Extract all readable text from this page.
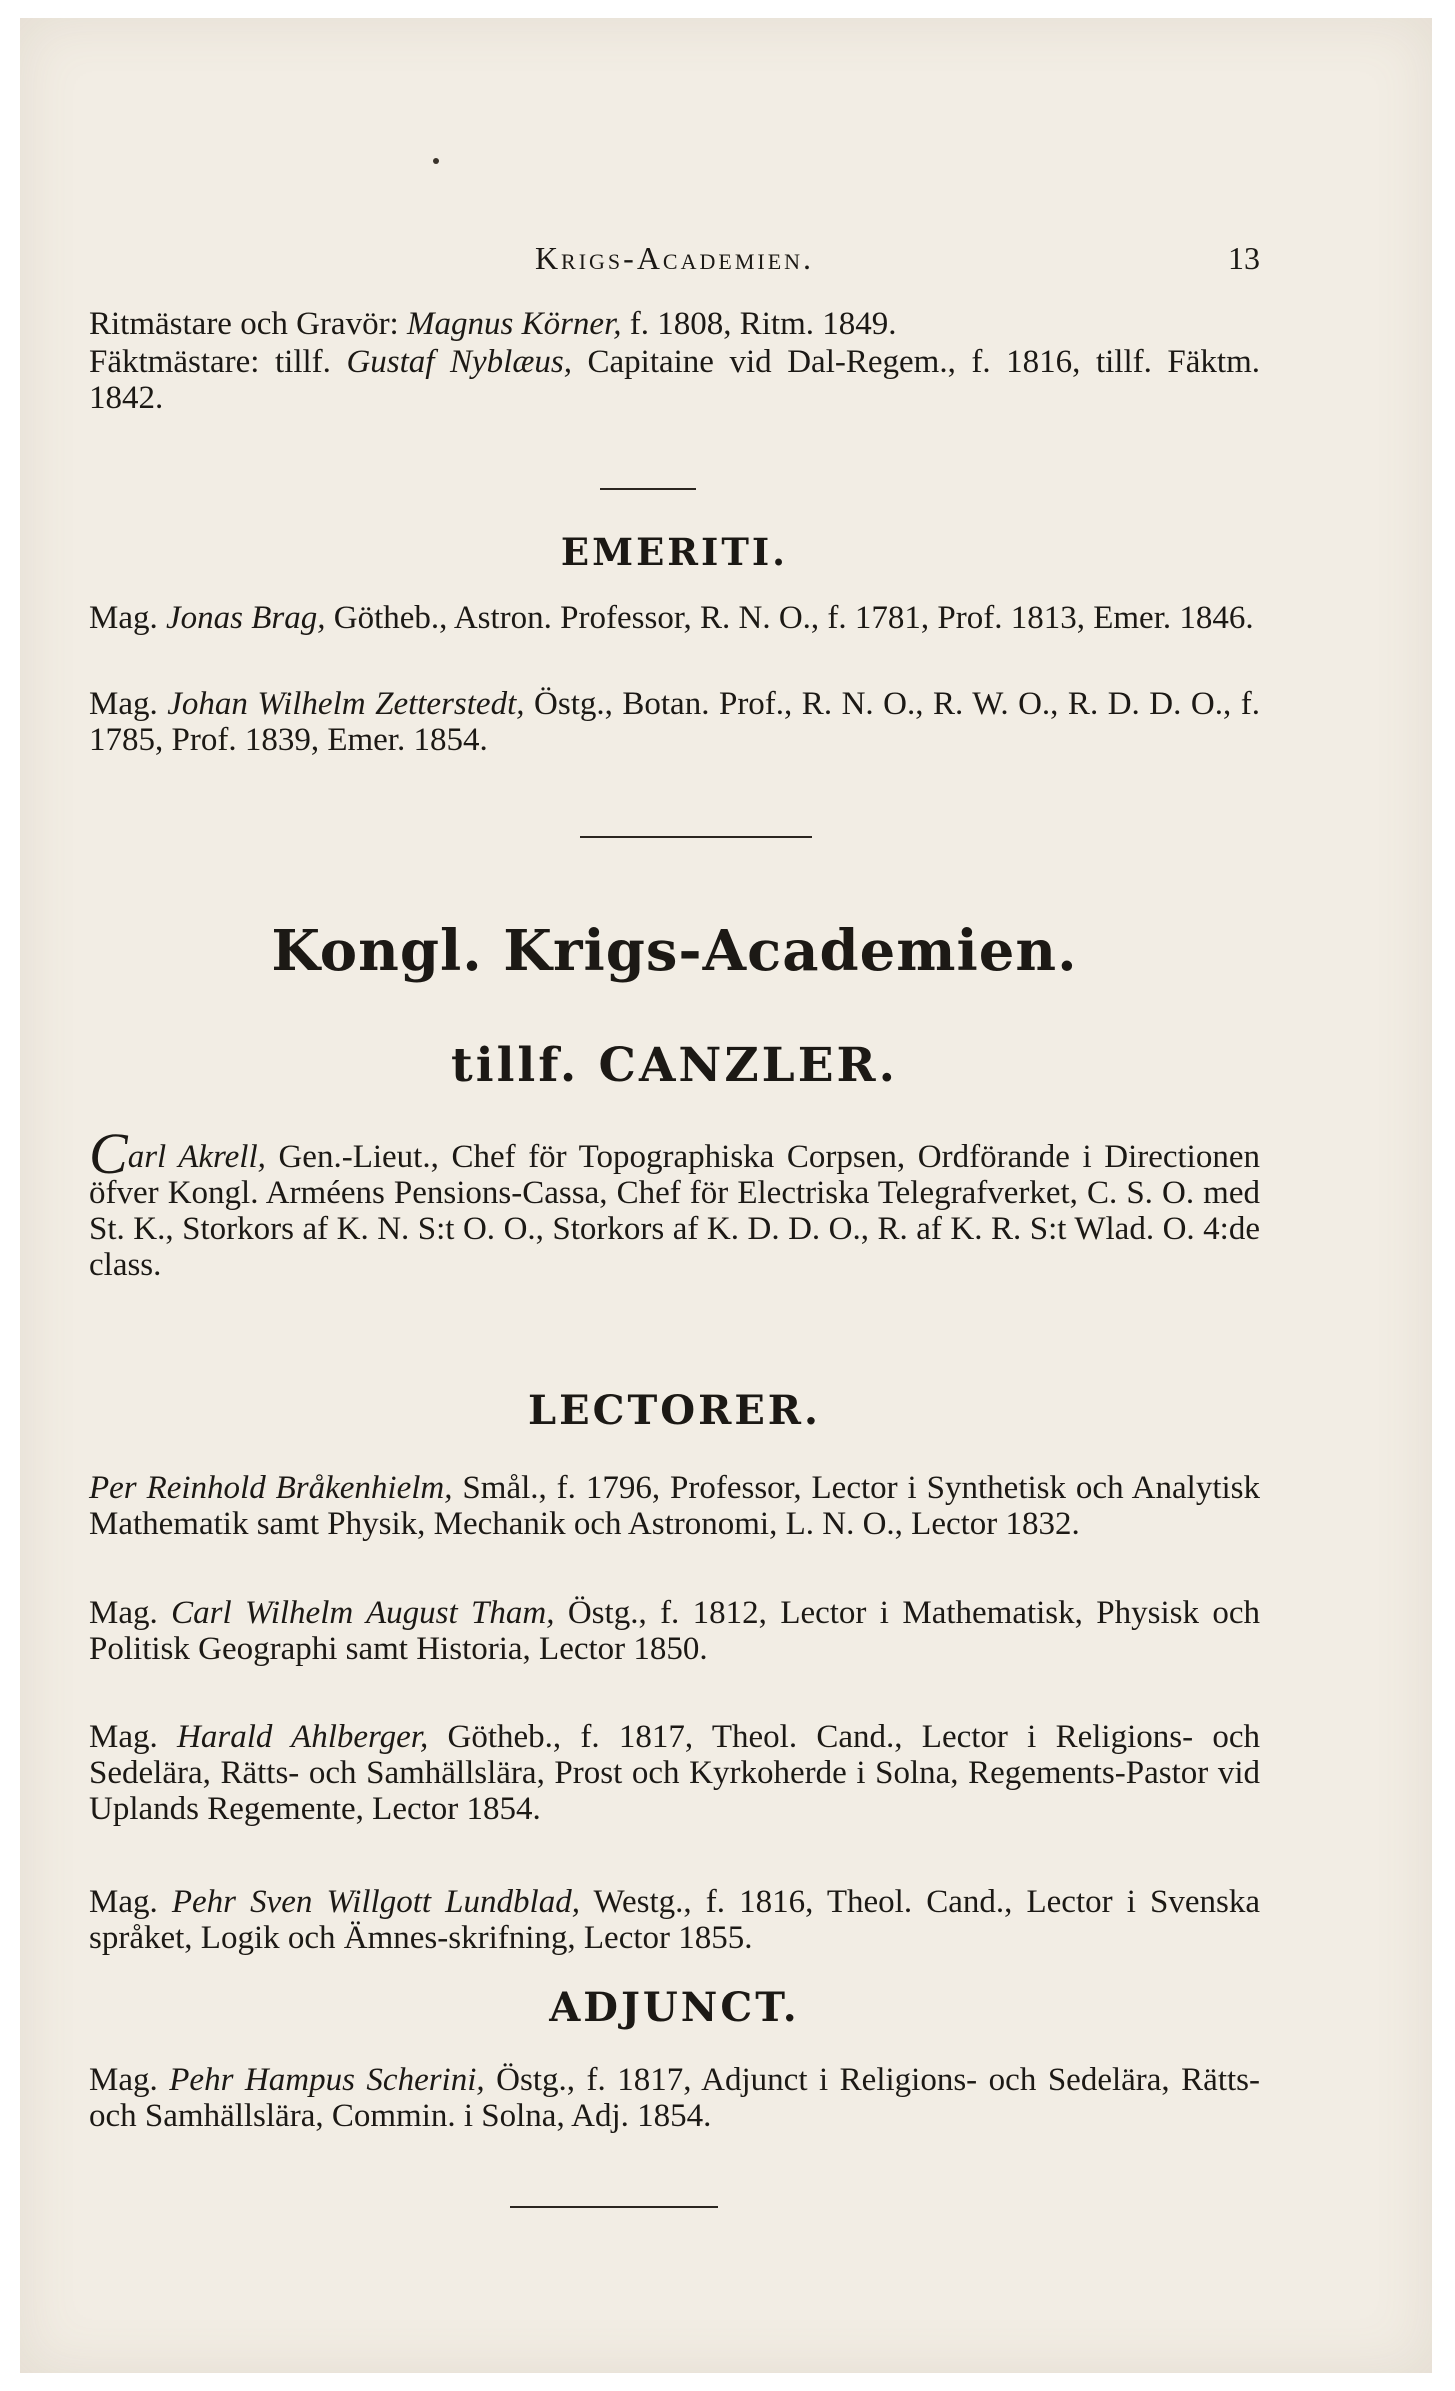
Krigs-Academien.	13
Ritmästare och Gravör: Magnus Körner, f. 1808, Ritm. 1849.
Fäktmästare: tillf. Gustaf Nyblæus, Capitaine vid Dal-Regem., f. 1816, tillf. Fäktm. 1842.
EMERITI.
Mag. Jonas Brag, Götheb., Astron. Professor, R. N. O., f. 1781, Prof. 1813, Emer. 1846.
Mag. Johan Wilhelm Zetterstedt, Östg., Botan. Prof., R. N. O., R. W. O., R. D. D. O., f. 1785, Prof. 1839, Emer. 1854.
Kongl. Krigs-Academien.
tillf. CANZLER.
Carl Akrell, Gen.-Lieut., Chef för Topographiska Corpsen, Ordförande i Directionen öfver Kongl. Arméens Pensions-Cassa, Chef för Electriska Telegrafverket, C. S. O. med St. K., Storkors af K. N. S:t O. O., Storkors af K. D. D. O., R. af K. R. S:t Wlad. O. 4:de class.
LECTORER.
Per Reinhold Bråkenhielm, Smål., f. 1796, Professor, Lector i Synthetisk och Analytisk Mathematik samt Physik, Mechanik och Astronomi, L. N. O., Lector 1832.
Mag. Carl Wilhelm August Tham, Östg., f. 1812, Lector i Mathematisk, Physisk och Politisk Geographi samt Historia, Lector 1850.
Mag. Harald Ahlberger, Götheb., f. 1817, Theol. Cand., Lector i Religions- och Sedelära, Rätts- och Samhällslära, Prost och Kyrkoherde i Solna, Regements-Pastor vid Uplands Regemente, Lector 1854.
Mag. Pehr Sven Willgott Lundblad, Westg., f. 1816, Theol. Cand., Lector i Svenska språket, Logik och Ämnes-skrifning, Lector 1855.
ADJUNCT.
Mag. Pehr Hampus Scherini, Östg., f. 1817, Adjunct i Religions- och Sedelära, Rätts- och Samhällslära, Commin. i Solna, Adj. 1854.
